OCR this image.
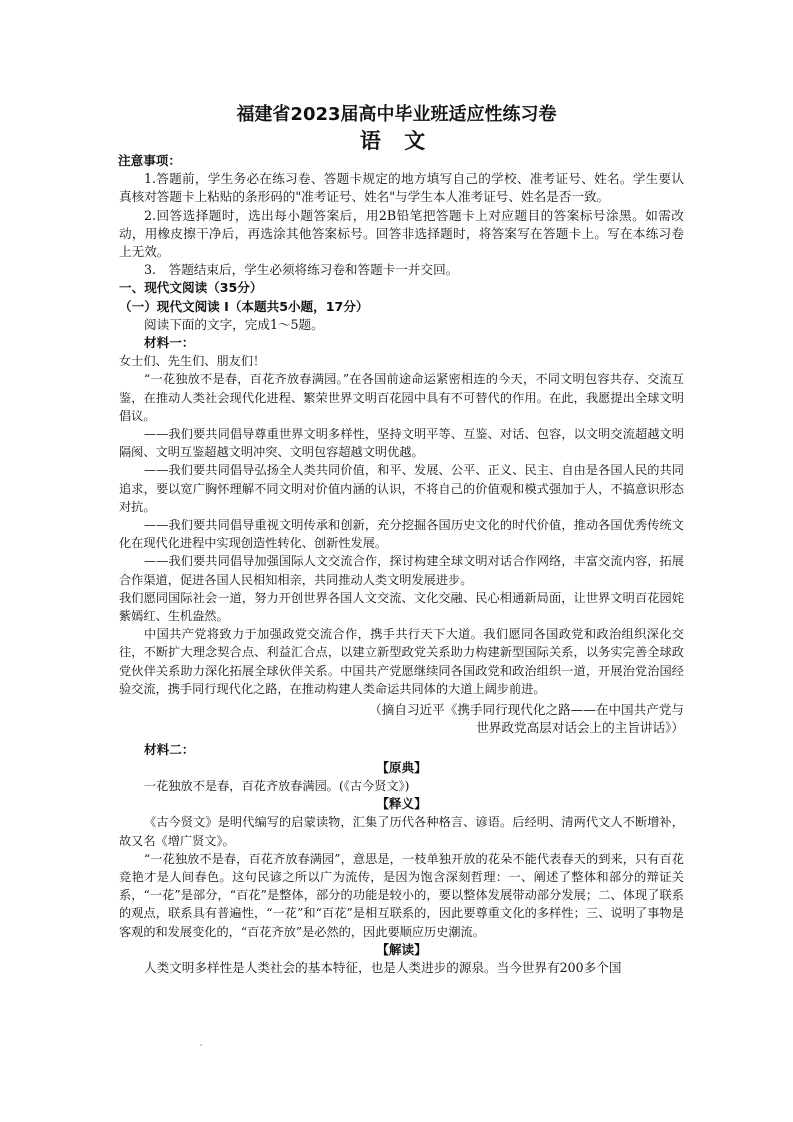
福建省2023届高中毕业班适应性练习卷
语 文

注意事项：

1.答题前，学生务必在练习卷、答题卡规定的地方填写自己的学校、准考证号、姓名。学生要认真核对答题卡上粘贴的条形码的"准考证号、姓名"与学生本人准考证号、姓名是否一致。

2.回答选择题时，选出每小题答案后，用2B铅笔把答题卡上对应题目的答案标号涂黑。如需改动，用橡皮擦干净后，再选涂其他答案标号。回答非选择题时，将答案写在答题卡上。写在本练习卷上无效。

3.　答题结束后，学生必须将练习卷和答题卡一并交回。

一、现代文阅读（35分）

（一）现代文阅读 I（本题共5小题，17分）

阅读下面的文字，完成1～5题。

材料一：

女士们、先生们、朋友们！

“一花独放不是春，百花齐放春满园。”在各国前途命运紧密相连的今天，不同文明包容共存、交流互鉴，在推动人类社会现代化进程、繁荣世界文明百花园中具有不可替代的作用。在此，我愿提出全球文明倡议。

——我们要共同倡导尊重世界文明多样性，坚持文明平等、互鉴、对话、包容，以文明交流超越文明隔阂、文明互鉴超越文明冲突、文明包容超越文明优越。

——我们要共同倡导弘扬全人类共同价值，和平、发展、公平、正义、民主、自由是各国人民的共同追求，要以宽广胸怀理解不同文明对价值内涵的认识，不将自己的价值观和模式强加于人，不搞意识形态对抗。

——我们要共同倡导重视文明传承和创新，充分挖掘各国历史文化的时代价值，推动各国优秀传统文化在现代化进程中实现创造性转化、创新性发展。

——我们要共同倡导加强国际人文交流合作，探讨构建全球文明对话合作网络，丰富交流内容，拓展合作渠道，促进各国人民相知相亲，共同推动人类文明发展进步。

我们愿同国际社会一道，努力开创世界各国人文交流、文化交融、民心相通新局面，让世界文明百花园姹紫嫣红、生机盎然。

中国共产党将致力于加强政党交流合作，携手共行天下大道。我们愿同各国政党和政治组织深化交往，不断扩大理念契合点、利益汇合点，以建立新型政党关系助力构建新型国际关系，以务实完善全球政党伙伴关系助力深化拓展全球伙伴关系。中国共产党愿继续同各国政党和政治组织一道，开展治党治国经验交流，携手同行现代化之路，在推动构建人类命运共同体的大道上阔步前进。

（摘自习近平《携手同行现代化之路——在中国共产党与

世界政党高层对话会上的主旨讲话》）

材料二：

【原典】

一花独放不是春，百花齐放春满园。(《古今贤文》)

【释义】

《古今贤文》是明代编写的启蒙读物，汇集了历代各种格言、谚语。后经明、清两代文人不断增补，故又名《增广贤文》。

“一花独放不是春，百花齐放春满园”，意思是，一枝单独开放的花朵不能代表春天的到来，只有百花竞艳才是人间春色。这句民谚之所以广为流传，是因为饱含深刻哲理：一、阐述了整体和部分的辩证关系，“一花”是部分，“百花”是整体，部分的功能是较小的，要以整体发展带动部分发展；二、体现了联系的观点，联系具有普遍性，“一花”和“百花”是相互联系的，因此要尊重文化的多样性；三、说明了事物是客观的和发展变化的，“百花齐放”是必然的，因此要顺应历史潮流。

【解读】

人类文明多样性是人类社会的基本特征，也是人类进步的源泉。当今世界有200多个国
